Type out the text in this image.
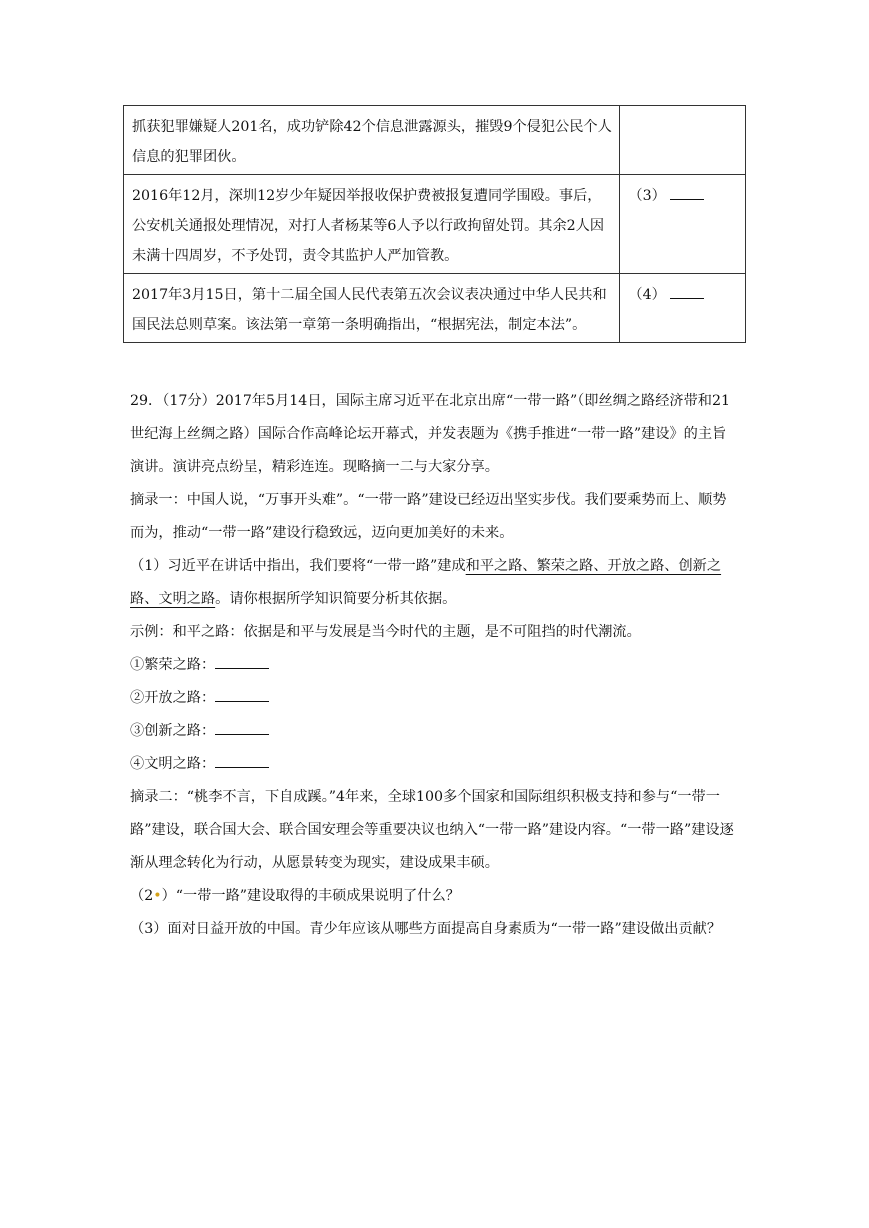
抓获犯罪嫌疑人201名，成功铲除42个信息泄露源头，摧毁9个侵犯公民个人信息的犯罪团伙。	
2016年12月，深圳12岁少年疑因举报收保护费被报复遭同学围殴。事后，公安机关通报处理情况，对打人者杨某等6人予以行政拘留处罚。其余2人因未满十四周岁，不予处罚，责令其监护人严加管教。	（3）
2017年3月15日，第十二届全国人民代表第五次会议表决通过中华人民共和国民法总则草案。该法第一章第一条明确指出，“根据宪法，制定本法”。	（4）

29．（17分）2017年5月14日，国际主席习近平在北京出席“一带一路”（即丝绸之路经济带和21世纪海上丝绸之路）国际合作高峰论坛开幕式，并发表题为《携手推进“一带一路”建设》的主旨演讲。演讲亮点纷呈，精彩连连。现略摘一二与大家分享。

摘录一：中国人说，“万事开头难”。“一带一路”建设已经迈出坚实步伐。我们要乘势而上、顺势而为，推动“一带一路”建设行稳致远，迈向更加美好的未来。

（1）习近平在讲话中指出，我们要将“一带一路”建成和平之路、繁荣之路、开放之路、创新之路、文明之路。请你根据所学知识简要分析其依据。

示例：和平之路：依据是和平与发展是当今时代的主题，是不可阻挡的时代潮流。

①繁荣之路：

②开放之路：

③创新之路：

④文明之路：

摘录二：“桃李不言，下自成蹊。”4年来，全球100多个国家和国际组织积极支持和参与“一带一路”建设，联合国大会、联合国安理会等重要决议也纳入“一带一路”建设内容。“一带一路”建设逐渐从理念转化为行动，从愿景转变为现实，建设成果丰硕。

（2•）“一带一路”建设取得的丰硕成果说明了什么？

（3）面对日益开放的中国。青少年应该从哪些方面提高自身素质为“一带一路”建设做出贡献？
